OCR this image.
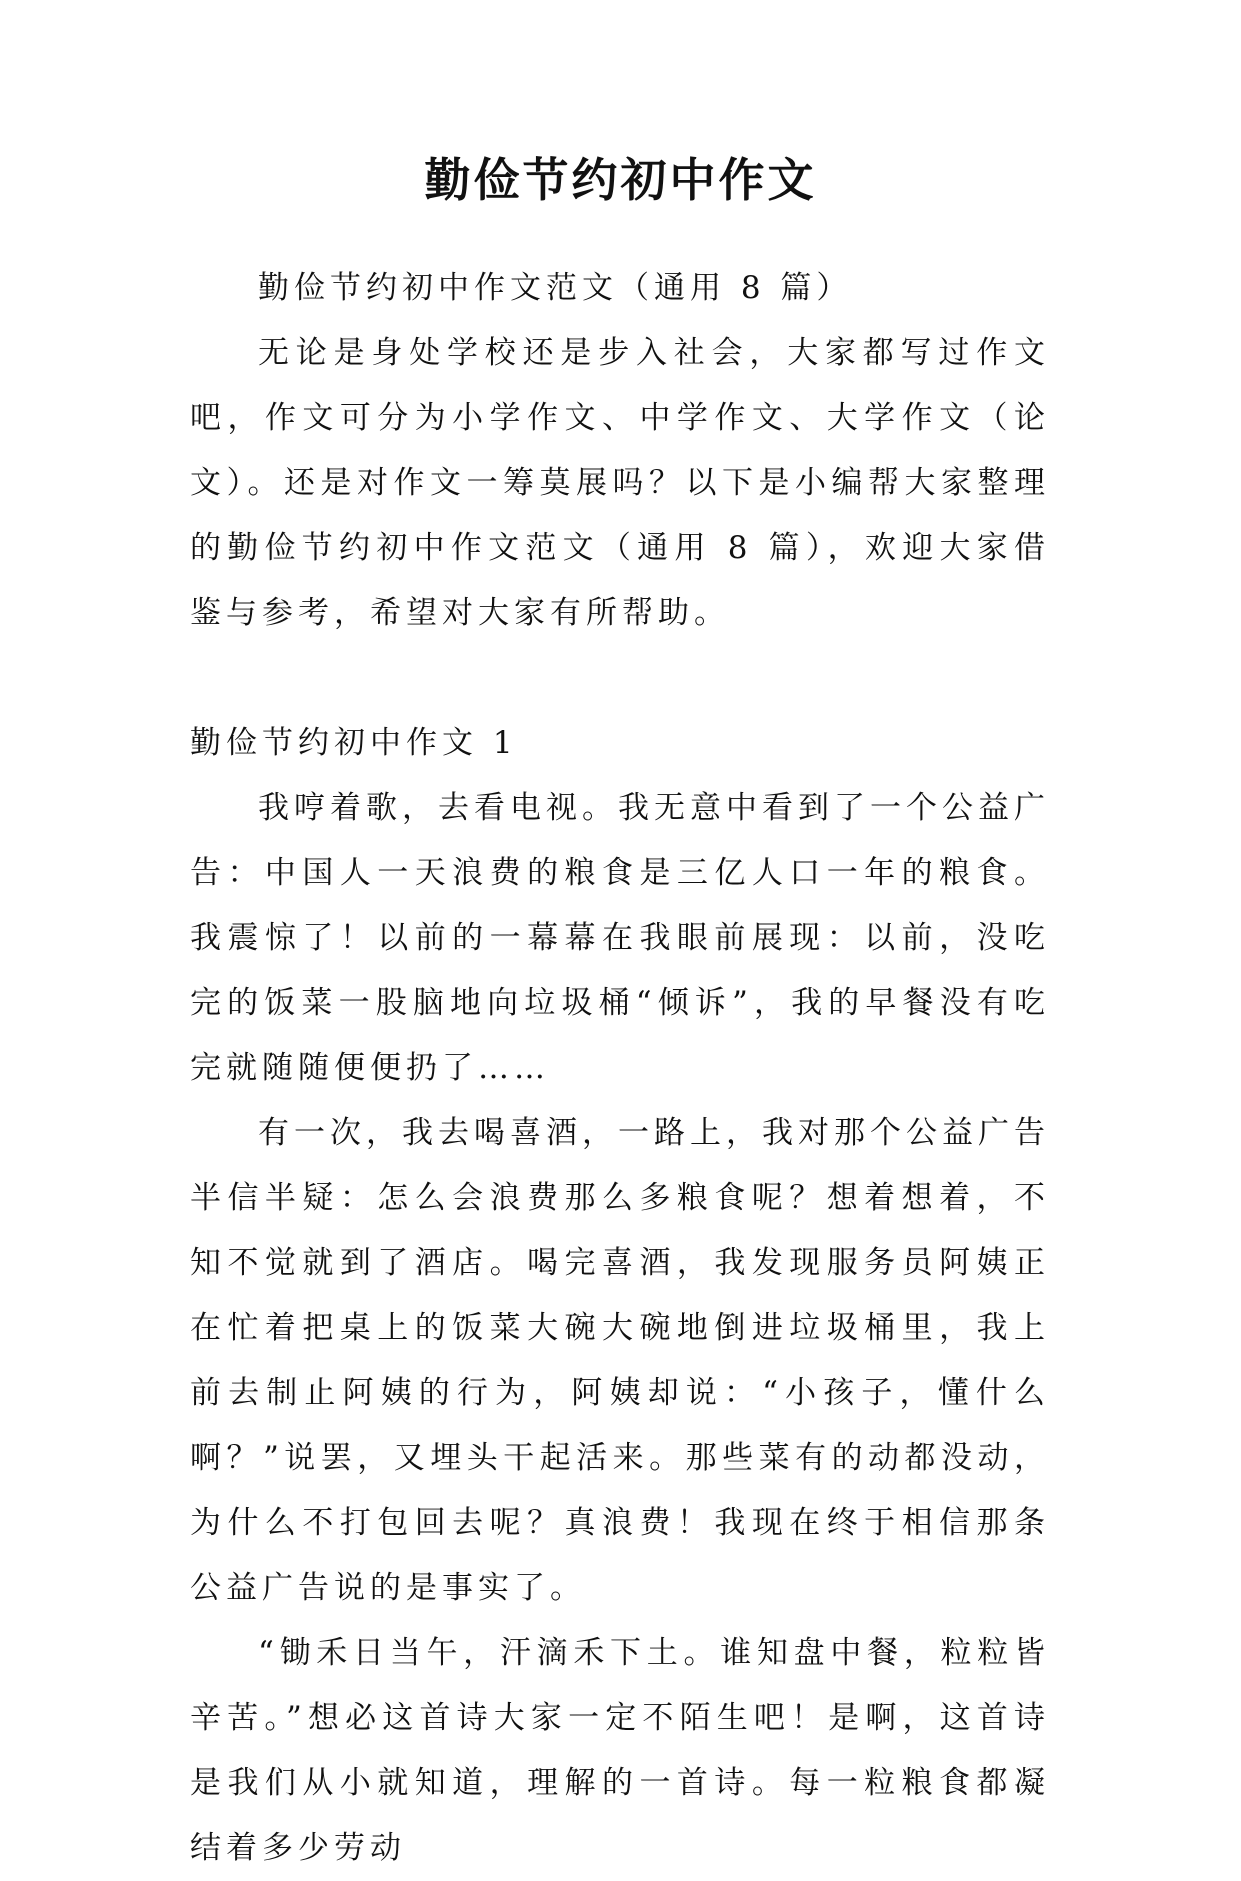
勤俭节约初中作文

勤俭节约初中作文范文（通用 8 篇）

无论是身处学校还是步入社会，大家都写过作文吧，作文可分为小学作文、中学作文、大学作文（论文）。还是对作文一筹莫展吗？以下是小编帮大家整理的勤俭节约初中作文范文（通用 8 篇），欢迎大家借鉴与参考，希望对大家有所帮助。

勤俭节约初中作文 1

我哼着歌，去看电视。我无意中看到了一个公益广告：中国人一天浪费的粮食是三亿人口一年的粮食。我震惊了！以前的一幕幕在我眼前展现：以前，没吃完的饭菜一股脑地向垃圾桶“倾诉”，我的早餐没有吃完就随随便便扔了……

有一次，我去喝喜酒，一路上，我对那个公益广告半信半疑：怎么会浪费那么多粮食呢？想着想着，不知不觉就到了酒店。喝完喜酒，我发现服务员阿姨正在忙着把桌上的饭菜大碗大碗地倒进垃圾桶里，我上前去制止阿姨的行为，阿姨却说：“小孩子，懂什么啊？”说罢，又埋头干起活来。那些菜有的动都没动，为什么不打包回去呢？真浪费！我现在终于相信那条公益广告说的是事实了。

“锄禾日当午，汗滴禾下土。谁知盘中餐，粒粒皆辛苦。”想必这首诗大家一定不陌生吧！是啊，这首诗是我们从小就知道，理解的一首诗。每一粒粮食都凝结着多少劳动
